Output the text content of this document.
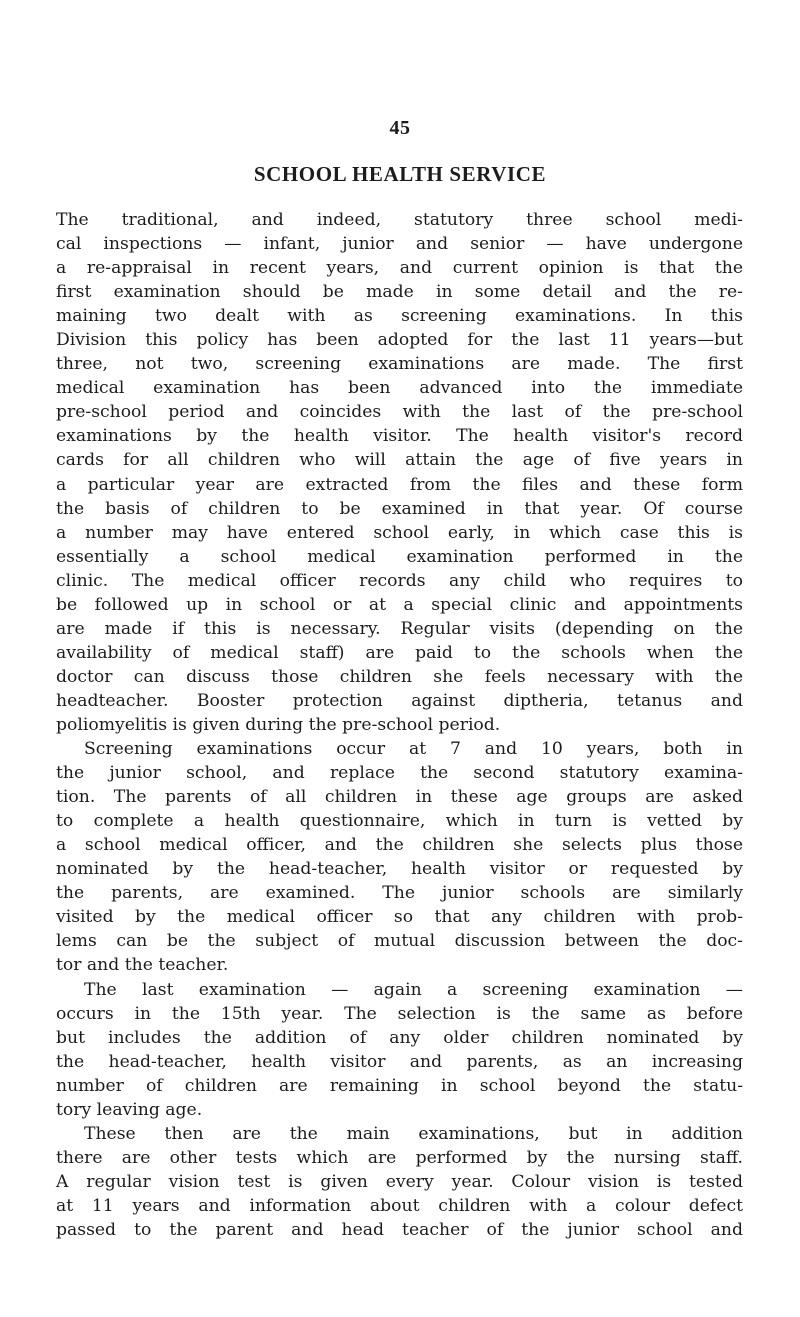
45
SCHOOL HEALTH SERVICE
The traditional, and indeed, statutory three school medi-
cal inspections — infant, junior and senior — have undergone
a re-appraisal in recent years, and current opinion is that the
first examination should be made in some detail and the re-
maining two dealt with as screening examinations. In this
Division this policy has been adopted for the last 11 years—but
three, not two, screening examinations are made. The first
medical examination has been advanced into the immediate
pre-school period and coincides with the last of the pre-school
examinations by the health visitor. The health visitor's record
cards for all children who will attain the age of five years in
a particular year are extracted from the files and these form
the basis of children to be examined in that year. Of course
a number may have entered school early, in which case this is
essentially a school medical examination performed in the
clinic. The medical officer records any child who requires to
be followed up in school or at a special clinic and appointments
are made if this is necessary. Regular visits (depending on the
availability of medical staff) are paid to the schools when the
doctor can discuss those children she feels necessary with the
headteacher. Booster protection against diptheria, tetanus and
poliomyelitis is given during the pre-school period.
Screening examinations occur at 7 and 10 years, both in
the junior school, and replace the second statutory examina-
tion. The parents of all children in these age groups are asked
to complete a health questionnaire, which in turn is vetted by
a school medical officer, and the children she selects plus those
nominated by the head-teacher, health visitor or requested by
the parents, are examined. The junior schools are similarly
visited by the medical officer so that any children with prob-
lems can be the subject of mutual discussion between the doc-
tor and the teacher.
The last examination — again a screening examination —
occurs in the 15th year. The selection is the same as before
but includes the addition of any older children nominated by
the head-teacher, health visitor and parents, as an increasing
number of children are remaining in school beyond the statu-
tory leaving age.
These then are the main examinations, but in addition
there are other tests which are performed by the nursing staff.
A regular vision test is given every year. Colour vision is tested
at 11 years and information about children with a colour defect
passed to the parent and head teacher of the junior school and
